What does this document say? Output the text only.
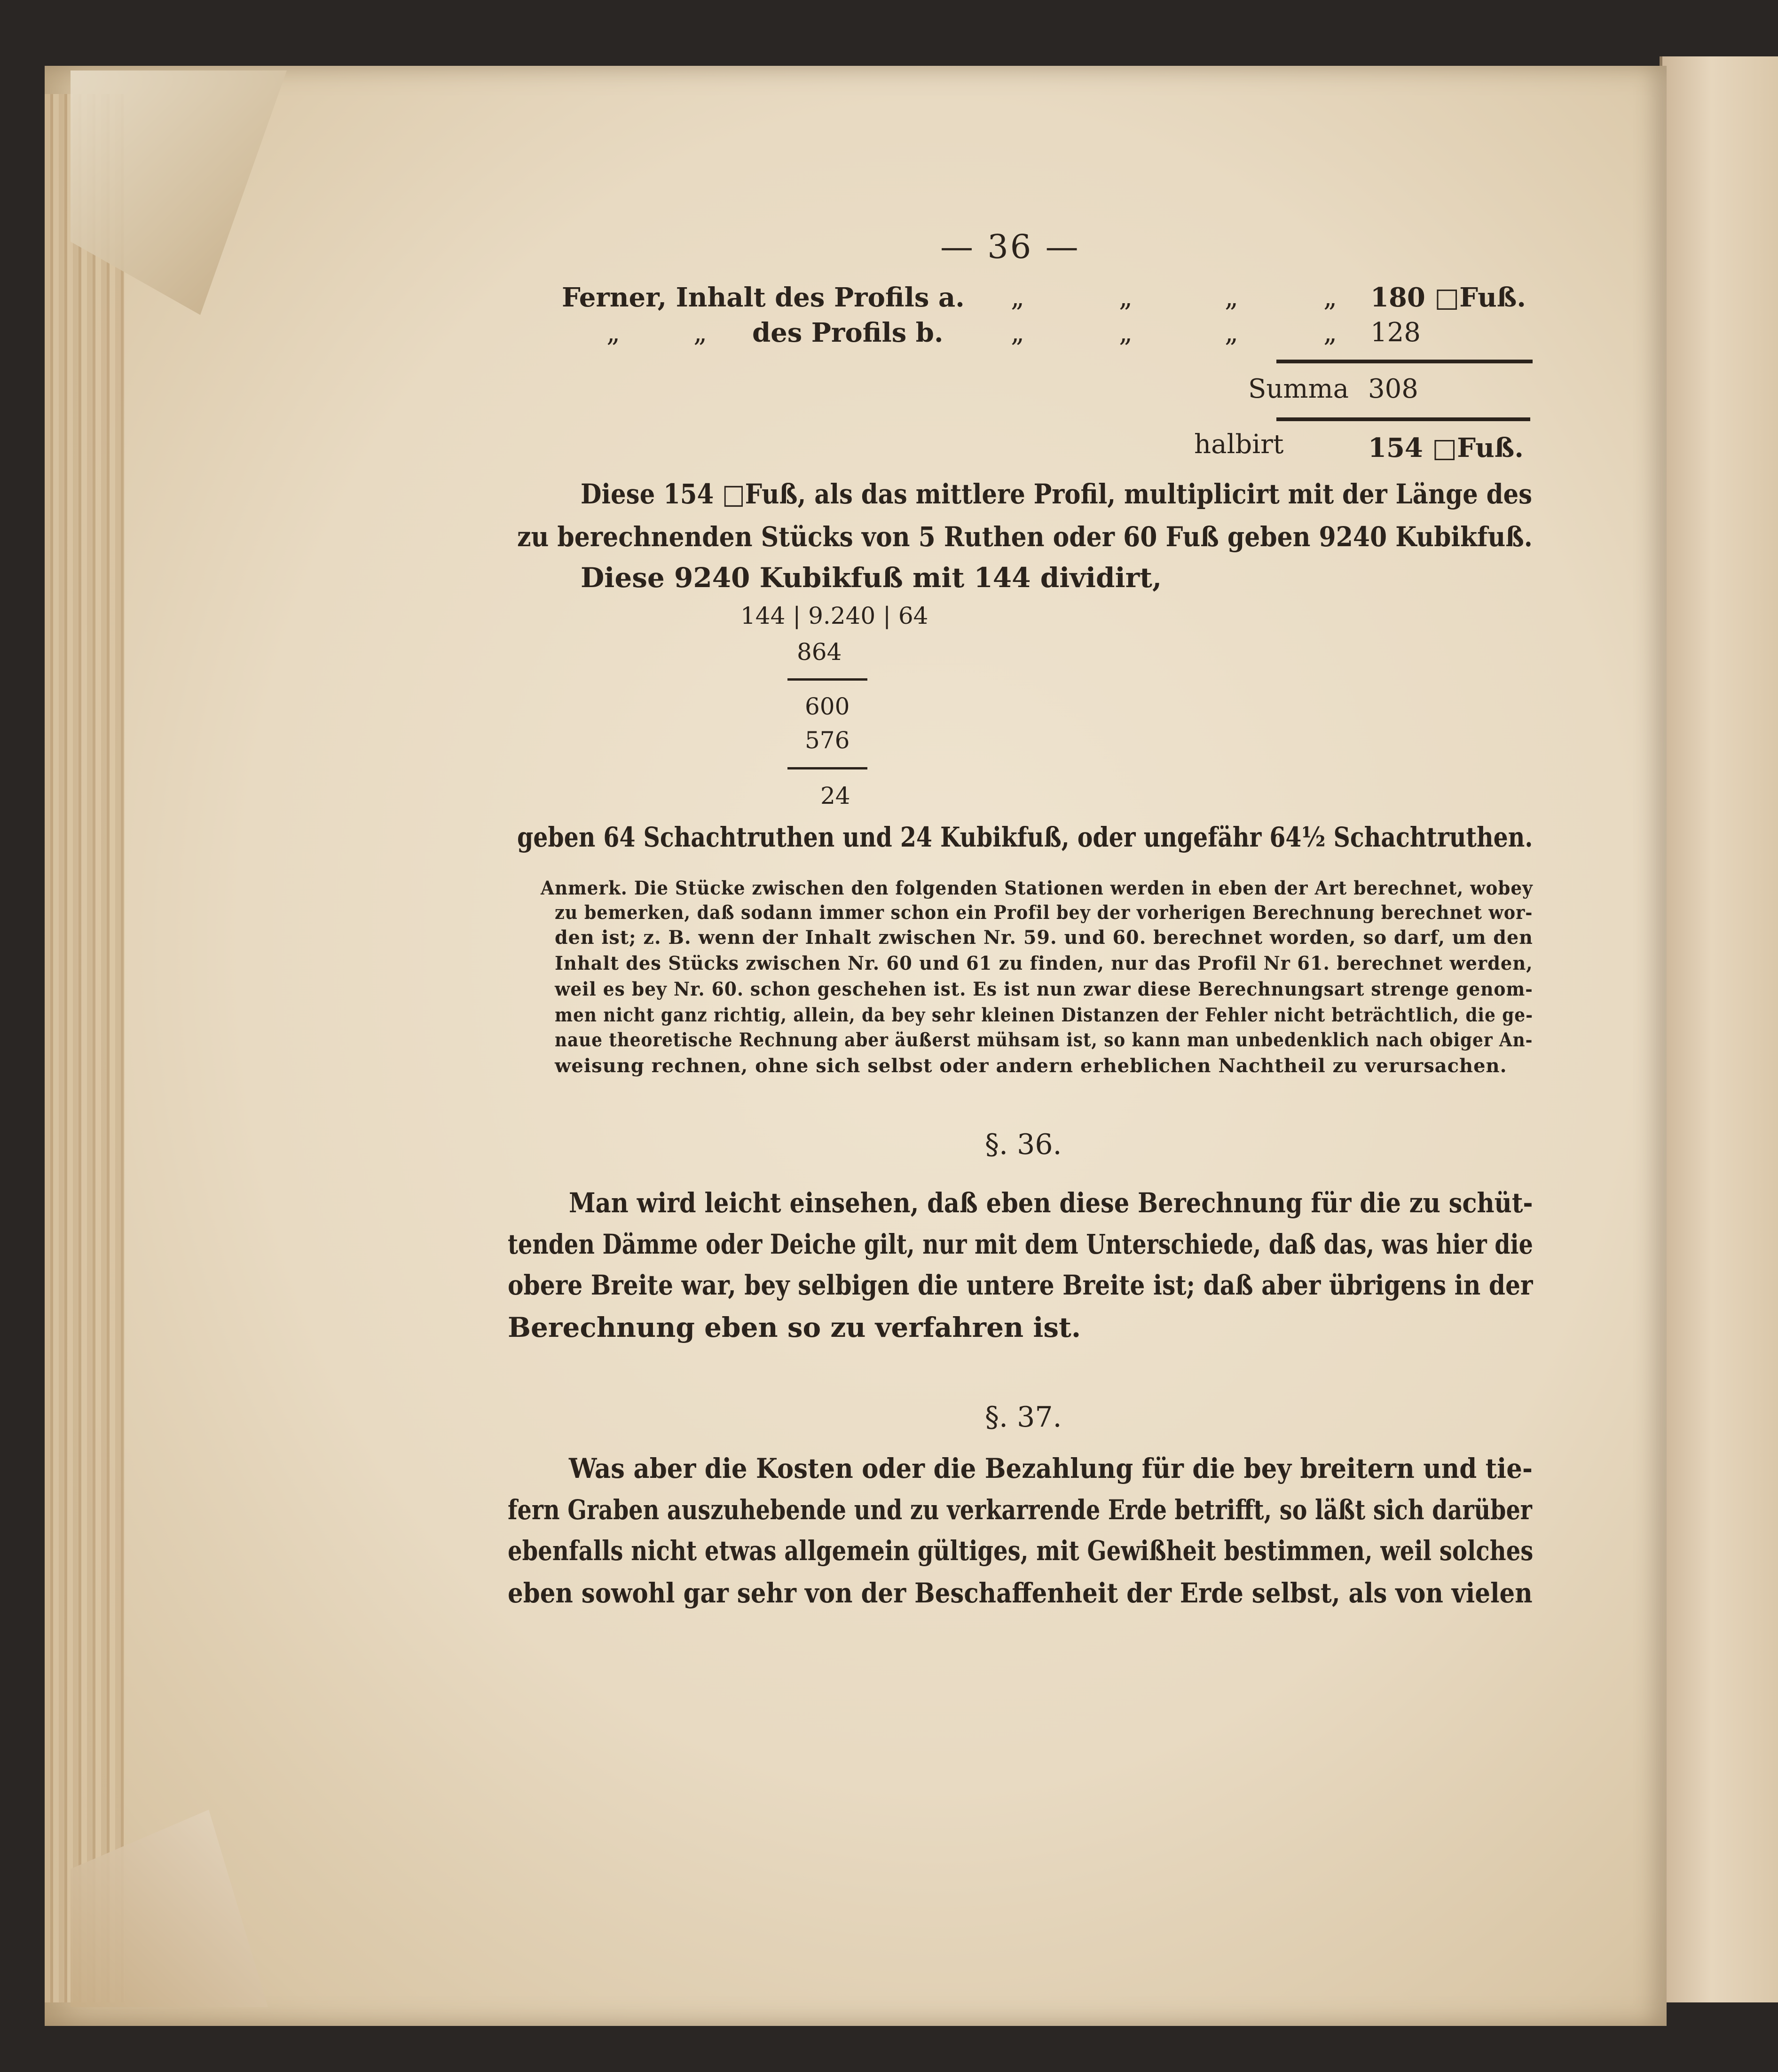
— 36 —
Ferner, Inhalt des Profils a. „	„	„	„ 180 □Fuß.
„	„ des Profils b.	„	„	„	„ 128
Summa 308
halbirt	154 □Fuß.
Diese 154 □Fuß, als das mittlere Profil, multiplicirt mit der Länge des
zu berechnenden Stücks von 5 Ruthen oder 60 Fuß geben 9240 Kubikfuß.
Diese 9240 Kubikfuß mit 144 dividirt,
144 | 9.240 | 64
864
600
576
24
geben 64 Schachtruthen und 24 Kubikfuß, oder ungefähr 64½ Schachtruthen.
Anmerk. Die Stücke zwischen den folgenden Stationen werden in eben der Art berechnet, wobey
zu bemerken, daß sodann immer schon ein Profil bey der vorherigen Berechnung berechnet wor-
den ist; z. B. wenn der Inhalt zwischen Nr. 59. und 60. berechnet worden, so darf, um den
Inhalt des Stücks zwischen Nr. 60 und 61 zu finden, nur das Profil Nr 61. berechnet werden,
weil es bey Nr. 60. schon geschehen ist. Es ist nun zwar diese Berechnungsart strenge genom-
men nicht ganz richtig, allein, da bey sehr kleinen Distanzen der Fehler nicht beträchtlich, die ge-
naue theoretische Rechnung aber äußerst mühsam ist, so kann man unbedenklich nach obiger An-
weisung rechnen, ohne sich selbst oder andern erheblichen Nachtheil zu verursachen.
§. 36.
Man wird leicht einsehen, daß eben diese Berechnung für die zu schüt-
tenden Dämme oder Deiche gilt, nur mit dem Unterschiede, daß das, was hier die
obere Breite war, bey selbigen die untere Breite ist; daß aber übrigens in der
Berechnung eben so zu verfahren ist.
§. 37.
Was aber die Kosten oder die Bezahlung für die bey breitern und tie-
fern Graben auszuhebende und zu verkarrende Erde betrifft, so läßt sich darüber
ebenfalls nicht etwas allgemein gültiges, mit Gewißheit bestimmen, weil solches
eben sowohl gar sehr von der Beschaffenheit der Erde selbst, als von vielen
